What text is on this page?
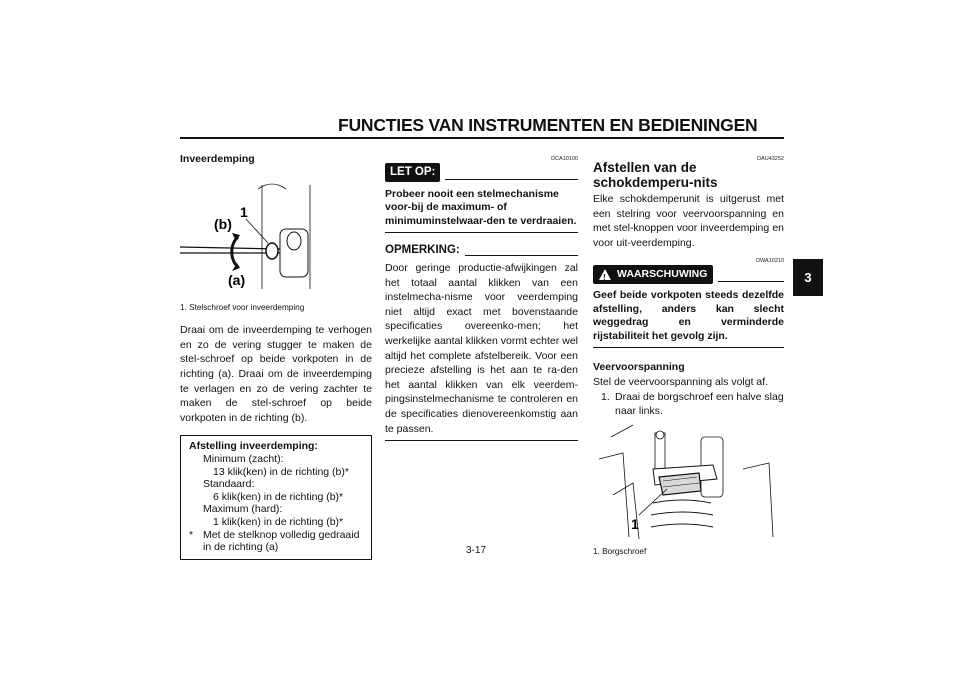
FUNCTIES VAN INSTRUMENTEN EN BEDIENINGEN
3
Inveerdemping
1
(b)
(a)
1. Stelschroef voor inveerdemping
Draai om de inveerdemping te verhogen en zo de vering stugger te maken de stel-schroef op beide vorkpoten in de richting (a). Draai om de inveerdemping te verlagen en zo de vering zachter te maken de stel-schroef op beide vorkpoten in de richting (b).
Afstelling inveerdemping:
Minimum (zacht):
13 klik(ken) in de richting (b)*
Standaard:
6 klik(ken) in de richting (b)*
Maximum (hard):
1 klik(ken) in de richting (b)*
* Met de stelknop volledig gedraaid in de richting (a)
DCA10100
LET OP:
Probeer nooit een stelmechanisme voor-bij de maximum- of minimuminstelwaar-den te verdraaien.
OPMERKING:
Door geringe productie-afwijkingen zal het totaal aantal klikken van een instelmecha-nisme voor veerdemping niet altijd exact met bovenstaande specificaties overeenko-men; het werkelijke aantal klikken vormt echter wel altijd het complete afstelbereik. Voor een precieze afstelling is het aan te ra-den het aantal klikken van elk veerdem-pingsinstelmechanisme te controleren en de specificaties dienovereenkomstig aan te passen.
DAU43252
Afstellen van de schokdemperu-nits
Elke schokdemperunit is uitgerust met een stelring voor veervoorspanning en met stel-knoppen voor inveerdemping en voor uit-veerdemping.
DWA10210
! WAARSCHUWING
Geef beide vorkpoten steeds dezelfde afstelling, anders kan slecht weggedrag en verminderde rijstabiliteit het gevolg zijn.
Veervoorspanning
Stel de veervoorspanning als volgt af.
1. Draai de borgschroef een halve slag naar links.
1
1. Borgschroef
3-17
